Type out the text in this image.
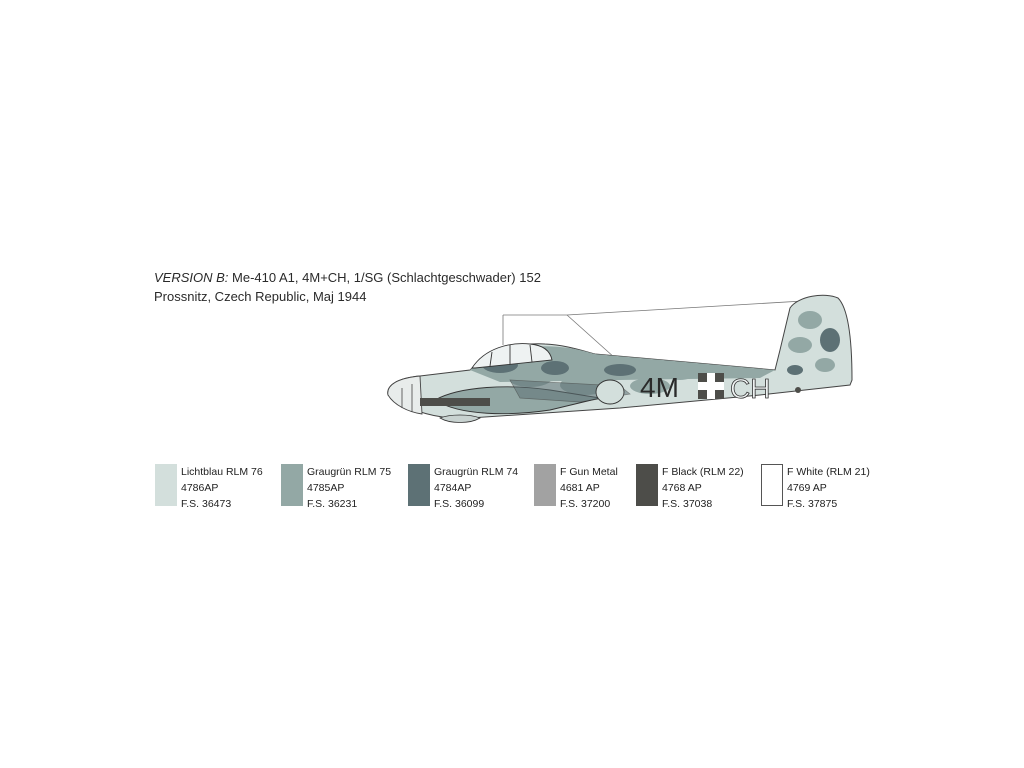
VERSION B: Me-410 A1, 4M+CH, 1/SG (Schlachtgeschwader) 152
Prossnitz, Czech Republic, Maj 1944
4M CH
Lichtblau RLM 76
4786AP
F.S. 36473
Graugrün RLM 75
4785AP
F.S. 36231
Graugrün RLM 74
4784AP
F.S. 36099
F Gun Metal
4681 AP
F.S. 37200
F Black (RLM 22)
4768 AP
F.S. 37038
F White (RLM 21)
4769 AP
F.S. 37875
